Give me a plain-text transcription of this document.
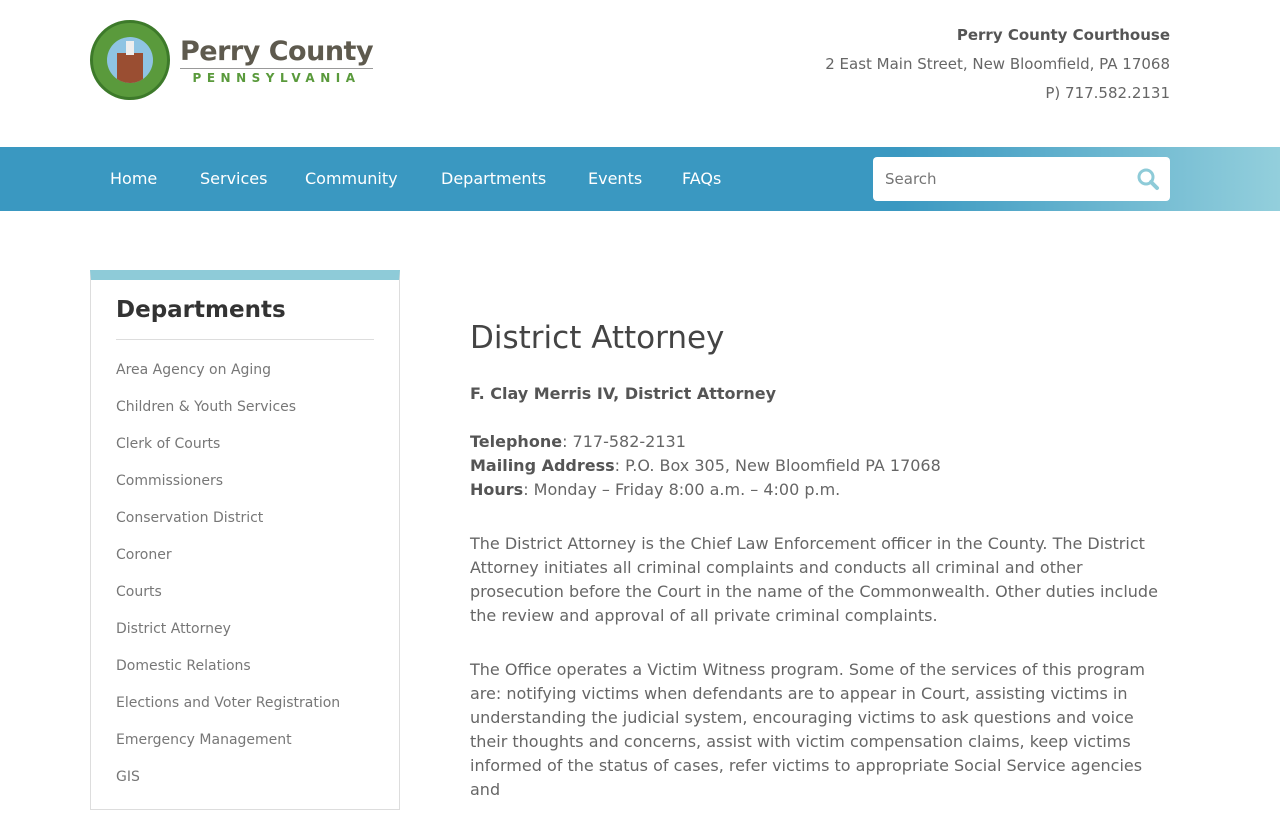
Perry County
PENNSYLVANIA
Perry County Courthouse
2 East Main Street, New Bloomfield, PA 17068
P) 717.582.2131
Home	Services Community	Departments	Events FAQs
Search
Departments
Area Agency on Aging
Children & Youth Services
Clerk of Courts
Commissioners
Conservation District
Coroner
Courts
District Attorney
Domestic Relations
Elections and Voter Registration
Emergency Management
GIS
District Attorney

F. Clay Merris IV, District Attorney

Telephone: 717-582-2131
Mailing Address: P.O. Box 305, New Bloomfield PA 17068
Hours: Monday – Friday 8:00 a.m. – 4:00 p.m.

The District Attorney is the Chief Law Enforcement officer in the County. The District Attorney initiates all criminal complaints and conducts all criminal and other prosecution before the Court in the name of the Commonwealth. Other duties include the review and approval of all private criminal complaints.

The Office operates a Victim Witness program. Some of the services of this program are: notifying victims when defendants are to appear in Court, assisting victims in understanding the judicial system, encouraging victims to ask questions and voice their thoughts and concerns, assist with victim compensation claims, keep victims informed of the status of cases, refer victims to appropriate Social Service agencies and
